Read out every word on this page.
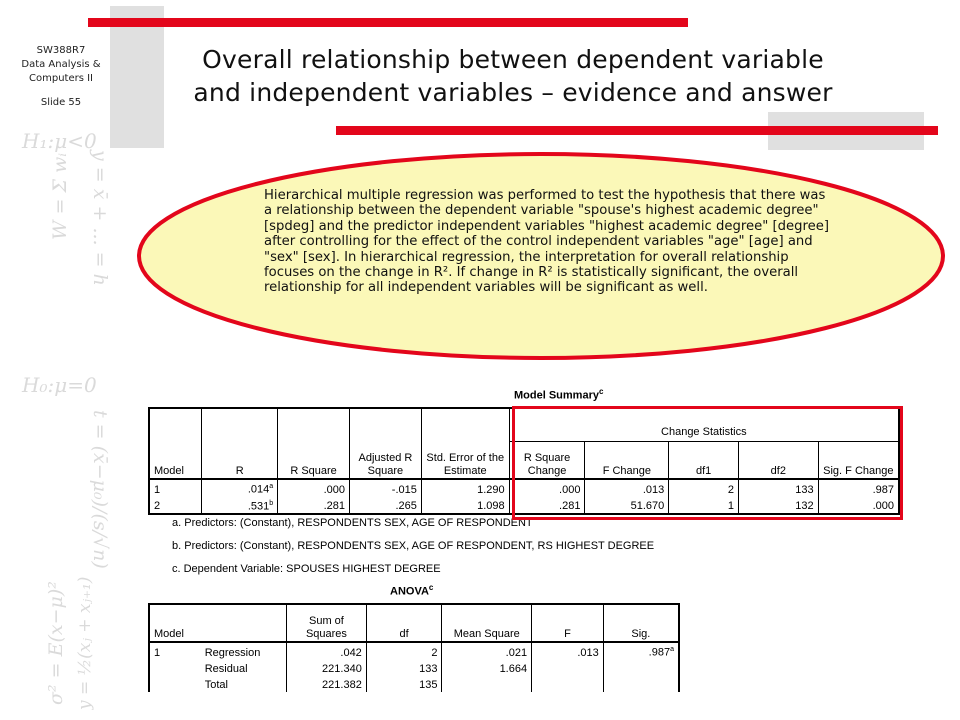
H₁:μ<0
H₀:μ=0
y = x̄ + ... = h
W = Σ wᵢ
t = (x̄−μ₀)/(s/√n)
σ² = E(x−μ)² y = ½(xⱼ + xⱼ₊₁)
SW388R7
Data Analysis &
Computers II
Slide 55
Overall relationship between dependent variable
and independent variables – evidence and answer
Hierarchical multiple regression was performed to test the hypothesis that there was a relationship between the dependent variable "spouse's highest academic degree" [spdeg] and the predictor independent variables "highest academic degree" [degree] after controlling for the effect of the control independent variables "age" [age] and "sex" [sex]. In hierarchical regression, the interpretation for overall relationship focuses on the change in R². If change in R² is statistically significant, the overall relationship for all independent variables will be significant as well.
Model Summary$^c$
					Change Statistics				
Model	R	R Square	Adjusted R Square	Std. Error of the Estimate	R Square Change	F Change	df1	df2	Sig. F Change
1	.014$^a$	.000	-.015	1.290	.000	.013	2	133	.987
2	.531$^b$	.281	.265	1.098	.281	51.670	1	132	.000
a. Predictors: (Constant), RESPONDENTS SEX, AGE OF RESPONDENT
b. Predictors: (Constant), RESPONDENTS SEX, AGE OF RESPONDENT, RS HIGHEST DEGREE
c. Dependent Variable: SPOUSES HIGHEST DEGREE
ANOVA$^c$
Model		Sum of Squares	df	Mean Square	F	Sig.
1	Regression	.042	2	.021	.013	.987$^a$
	Residual	221.340	133	1.664		
	Total	221.382	135			
